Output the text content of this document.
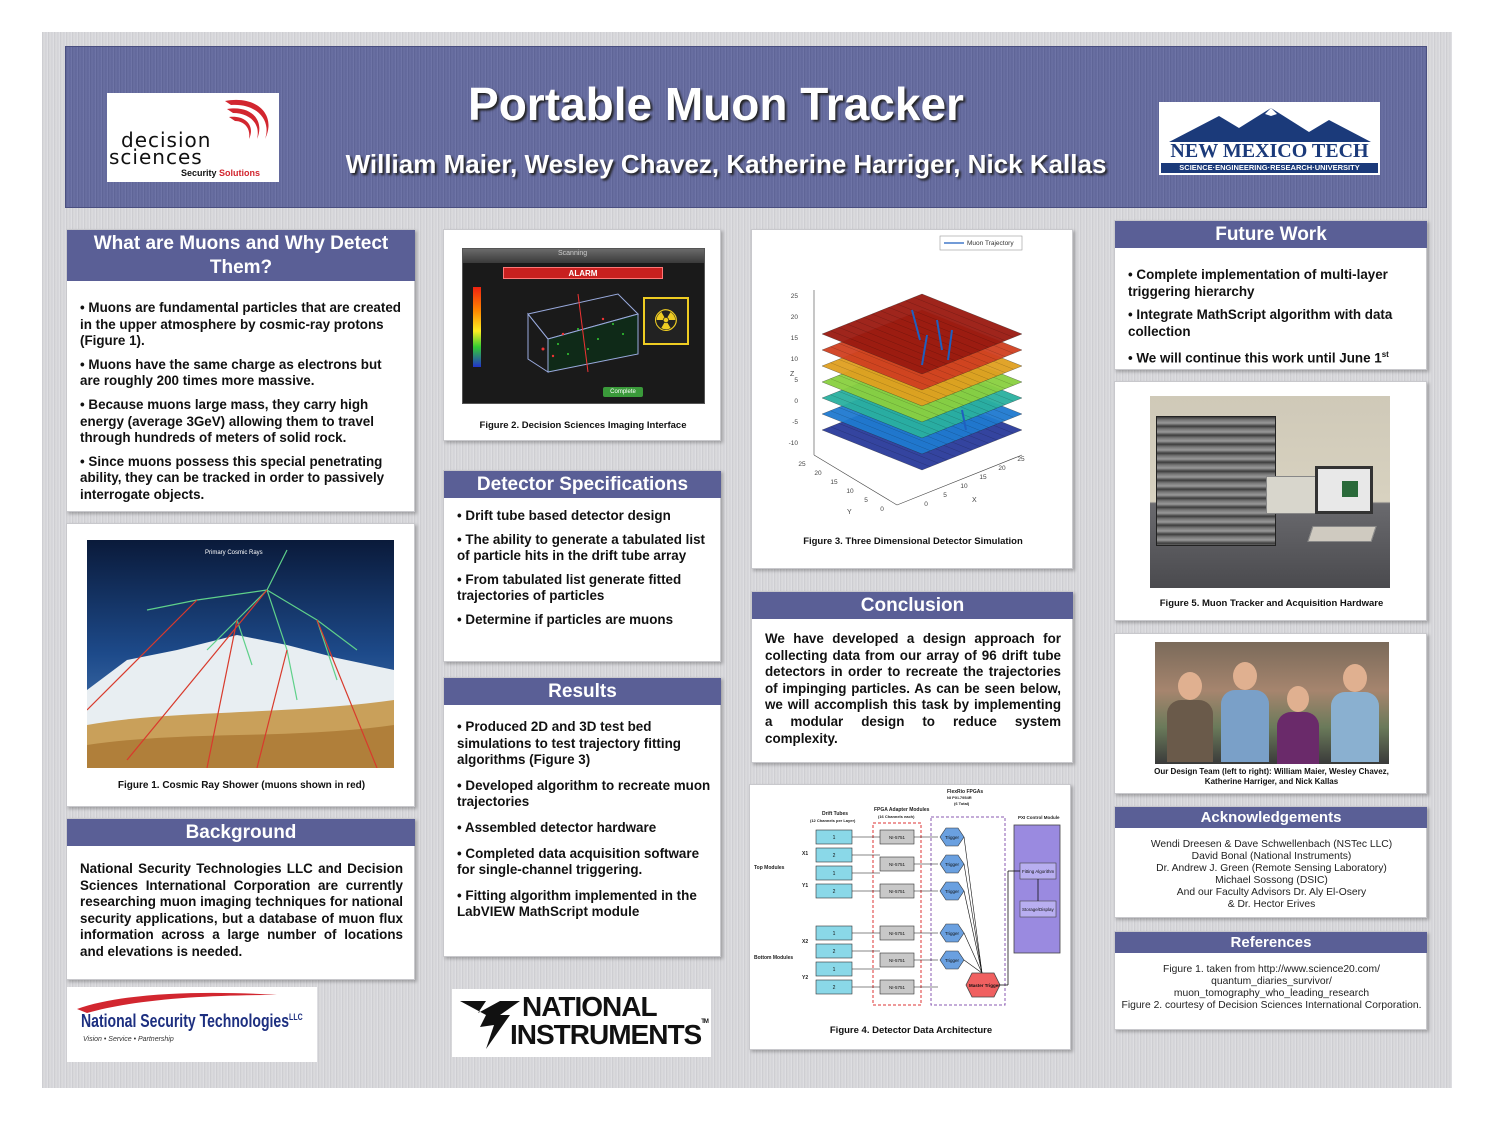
Portable Muon Tracker
William Maier, Wesley Chavez, Katherine Harriger, Nick Kallas
decision
sciences
Security Solutions
NEW MEXICO TECH
SCIENCE·ENGINEERING·RESEARCH·UNIVERSITY
What are Muons and Why Detect Them?

• Muons are fundamental particles that are created in the upper atmosphere by cosmic-ray protons (Figure 1).

• Muons have the same charge as electrons but are roughly 200 times more massive.

• Because muons large mass, they carry high energy (average 3GeV) allowing them to travel through hundreds of meters of solid rock.

• Since muons possess this special penetrating ability, they can be tracked in order to passively interrogate objects.

Primary Cosmic Rays
Figure 1. Cosmic Ray Shower (muons shown in red)
Background
National Security Technologies LLC and Decision Sciences International Corporation are currently researching muon imaging techniques for national security applications, but a database of muon flux information across a large number of locations and elevations is needed.
National Security Technologies$^{LLC}$
Vision • Service • Partnership
Scanning
ALARM
☢
Complete
Figure 2. Decision Sciences Imaging Interface
Detector Specifications

• Drift tube based detector design

• The ability to generate a tabulated list of particle hits in the drift tube array

• From tabulated list generate fitted trajectories of particles

• Determine if particles are muons

Results

• Produced 2D and 3D test bed simulations to test trajectory fitting algorithms (Figure 3)

• Developed algorithm to recreate muon trajectories

• Assembled detector hardware

• Completed data acquisition software for single-channel triggering.

• Fitting algorithm implemented in the LabVIEW MathScript module

NATIONAL
INSTRUMENTS™
Muon Trajectory
25
20
15
10
5
0
-5
-10
25
20
15
10
5
0
0
5
10
15
20
25
Z
Y
X
Figure 3. Three Dimensional Detector Simulation
Conclusion
We have developed a design approach for collecting data from our array of 96 drift tube detectors in order to recreate the trajectories of impinging particles. As can be seen below, we will accomplish this task by implementing a modular design to reduce system complexity.
Drift Tubes
(12 Channels per Layer)
FPGA Adapter Modules
(16 Channels each)
FlexRio FPGAs
NI PXI-7954R
(6 Total)
PXI Control Module
Top Modules
Bottom Modules
X1
Y1
X2
Y2
Fitting Algorithm
Storage/Display
1
2
1
2
1
2
1
2
NI-5751
NI-5751
NI-5751
NI-5751
NI-5751
NI-5751
Trigger
Trigger
Trigger
Trigger
Trigger
Master Trigger
Figure 4. Detector Data Architecture
Future Work

• Complete implementation of multi-layer triggering hierarchy

• Integrate MathScript algorithm with data collection

• We will continue this work until June 1st

Figure 5. Muon Tracker and Acquisition Hardware
Our Design Team (left to right): William Maier, Wesley Chavez,
Katherine Harriger, and Nick Kallas
Acknowledgements
Wendi Dreesen & Dave Schwellenbach (NSTec LLC)
David Bonal (National Instruments)
Dr. Andrew J. Green (Remote Sensing Laboratory)
Michael Sossong (DSIC)
And our Faculty Advisors Dr. Aly El-Osery
& Dr. Hector Erives
References
Figure 1. taken from http://www.science20.com/
quantum_diaries_survivor/
muon_tomography_who_leading_research
Figure 2. courtesy of Decision Sciences International Corporation.
